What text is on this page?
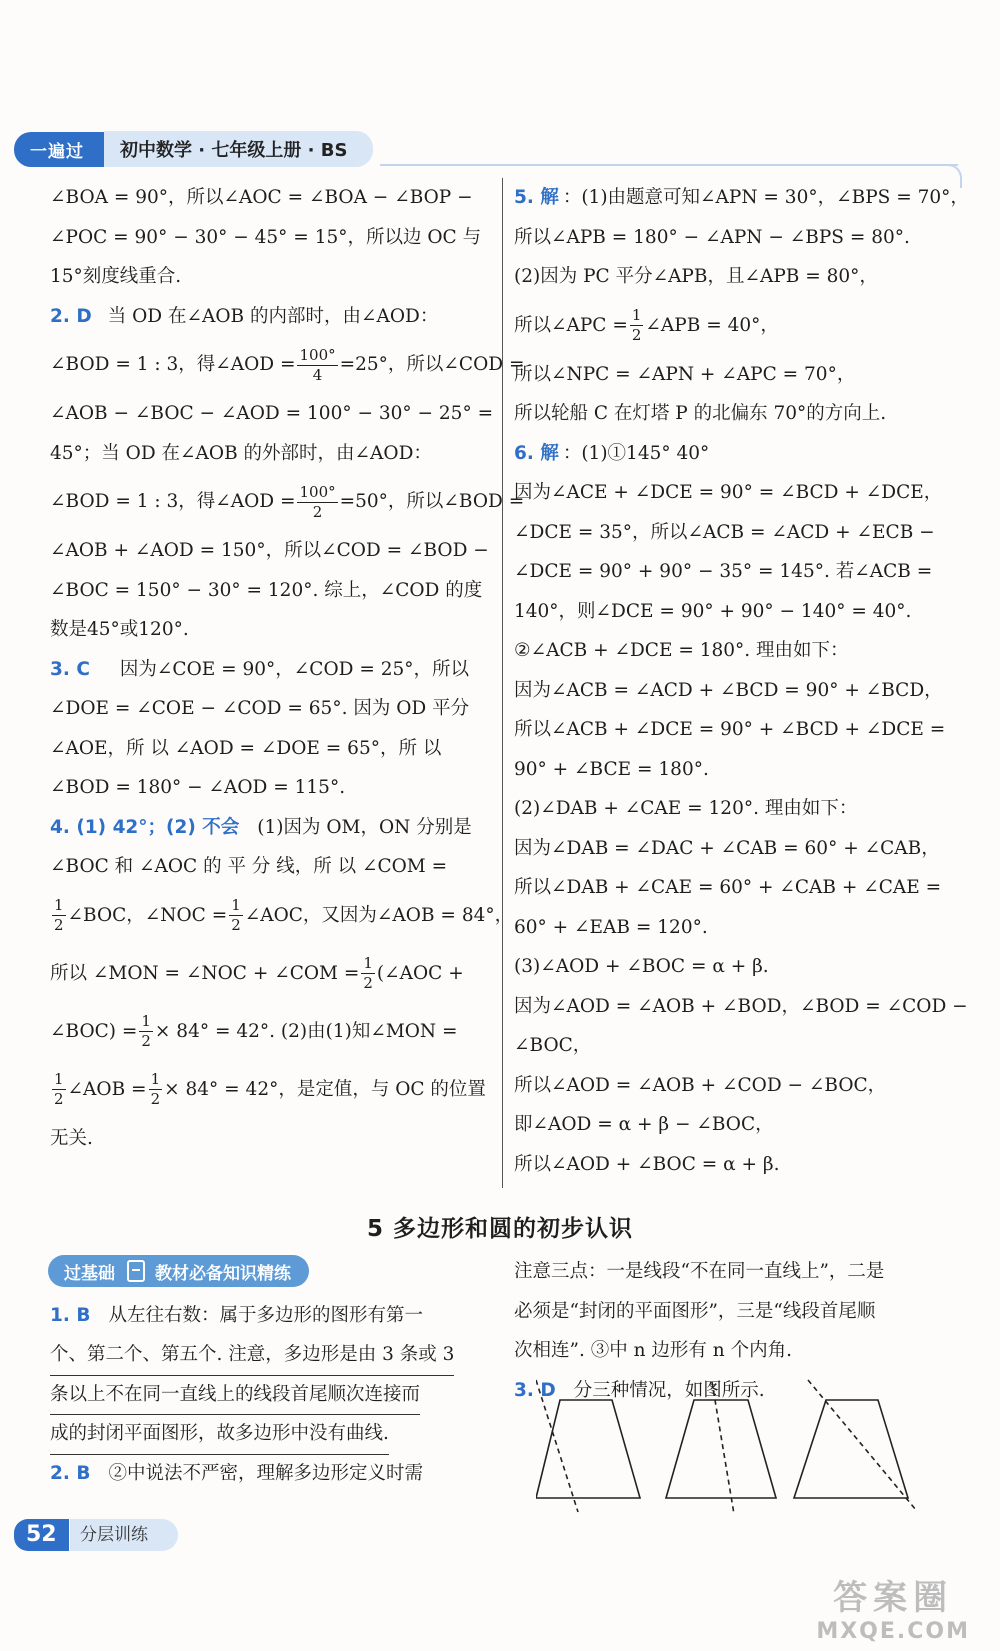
一遍过	初中数学 · 七年级上册 · BS
∠BOA = 90°，所以∠AOC = ∠BOA − ∠BOP −
∠POC = 90° − 30° − 45° = 15°，所以边 OC 与
15°刻度线重合.
2. D 当 OD 在∠AOB 的内部时，由∠AOD：
∠BOD = 1 : 3，得∠AOD = $\frac{100^\circ}{4} =25^\circ$，所以∠COD =
∠AOB − ∠BOC − ∠AOD = 100° − 30° − 25° =
45°；当 OD 在∠AOB 的外部时，由∠AOD：
∠BOD = 1 : 3，得∠AOD = $\frac{100^\circ}{2} =50^\circ$，所以∠BOD =
∠AOB + ∠AOD = 150°，所以∠COD = ∠BOD −
∠BOC = 150° − 30° = 120°. 综上，∠COD 的度
数是45°或120°.
3. C 因为∠COE = 90°，∠COD = 25°，所以
∠DOE = ∠COE − ∠COD = 65°. 因为 OD 平分
∠AOE，所 以 ∠AOD = ∠DOE = 65°，所 以
∠BOD = 180° − ∠AOD = 115°.
4. (1) 42°；(2) 不会 (1)因为 OM，ON 分别是
∠BOC 和 ∠AOC 的 平 分 线，所 以 ∠COM =
$\frac{1}{2}$ ∠BOC，∠NOC = $\frac{1}{2}$ ∠AOC，又因为∠AOB = 84°，
所以 ∠MON = ∠NOC + ∠COM = $\frac{1}{2}$ (∠AOC +
∠BOC) = $\frac{1}{2} \times 84^\circ = 42^\circ$. (2)由(1)知∠MON =
$\frac{1}{2}$ ∠AOB = $\frac{1}{2} \times 84^\circ = 42^\circ$，是定值，与 OC 的位置
无关.
5. 解 ：(1)由题意可知∠APN = 30°，∠BPS = 70°，
所以∠APB = 180° − ∠APN − ∠BPS = 80°.
(2)因为 PC 平分∠APB，且∠APB = 80°，
所以∠APC = $\frac{1}{2}$ ∠APB = 40°，
所以∠NPC = ∠APN + ∠APC = 70°，
所以轮船 C 在灯塔 P 的北偏东 70°的方向上.
6. 解 ：(1)①145° 40°
因为∠ACE + ∠DCE = 90° = ∠BCD + ∠DCE，
∠DCE = 35°，所以∠ACB = ∠ACD + ∠ECB −
∠DCE = 90° + 90° − 35° = 145°. 若∠ACB =
140°，则∠DCE = 90° + 90° − 140° = 40°.
②∠ACB + ∠DCE = 180°. 理由如下：
因为∠ACB = ∠ACD + ∠BCD = 90° + ∠BCD，
所以∠ACB + ∠DCE = 90° + ∠BCD + ∠DCE =
90° + ∠BCE = 180°.
(2)∠DAB + ∠CAE = 120°. 理由如下：
因为∠DAB = ∠DAC + ∠CAB = 60° + ∠CAB，
所以∠DAB + ∠CAE = 60° + ∠CAB + ∠CAE =
60° + ∠EAB = 120°.
(3)∠AOD + ∠BOC = α + β.
因为∠AOD = ∠AOB + ∠BOD，∠BOD = ∠COD −
∠BOC，
所以∠AOD = ∠AOB + ∠COD − ∠BOC，
即∠AOD = α + β − ∠BOC，
所以∠AOD + ∠BOC = α + β.
5 多边形和圆的初步认识
过基础 教材必备知识精练
1. B 从左往右数：属于多边形的图形有第一
个、第二个、第五个. 注意，多边形是由 3 条或 3
条以上不在同一直线上的线段首尾顺次连接而
成的封闭平面图形，故多边形中没有曲线.
2. B ②中说法不严密，理解多边形定义时需
注意三点：一是线段“不在同一直线上”，二是
必须是“封闭的平面图形”，三是“线段首尾顺
次相连”. ③中 n 边形有 n 个内角.
3. D 分三种情况，如图所示.
52	分层训练
答案圈
MXQE.COM
